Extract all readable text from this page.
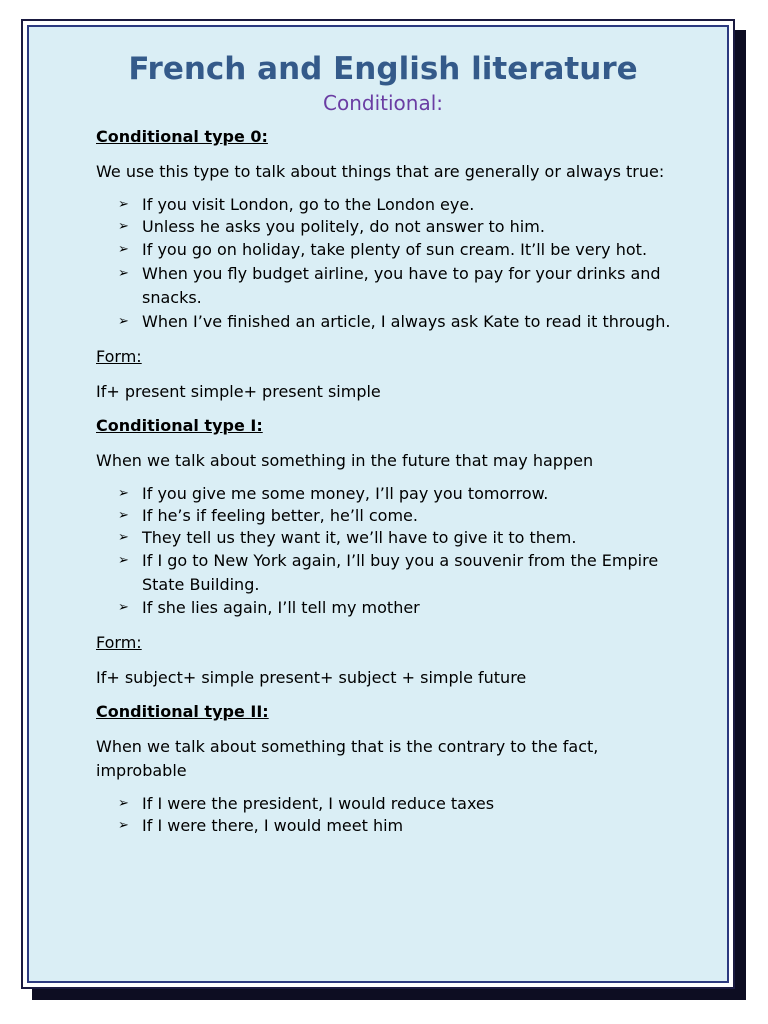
French and English literature
Conditional:

Conditional type 0:

We use this type to talk about things that are generally or always true:

➢ If you visit London, go to the London eye.
➢ Unless he asks you politely, do not answer to him.
➢ If you go on holiday, take plenty of sun cream. It’ll be very hot.
➢ When you fly budget airline, you have to pay for your drinks and snacks.
➢ When I’ve finished an article, I always ask Kate to read it through.

Form:

If+ present simple+ present simple

Conditional type I:

When we talk about something in the future that may happen

➢ If you give me some money, I’ll pay you tomorrow.
➢ If he’s if feeling better, he’ll come.
➢ They tell us they want it, we’ll have to give it to them.
➢ If I go to New York again, I’ll buy you a souvenir from the Empire State Building.
➢ If she lies again, I’ll tell my mother

Form:

If+ subject+ simple present+ subject + simple future

Conditional type II:

When we talk about something that is the contrary to the fact, improbable

➢ If I were the president, I would reduce taxes
➢ If I were there, I would meet him
